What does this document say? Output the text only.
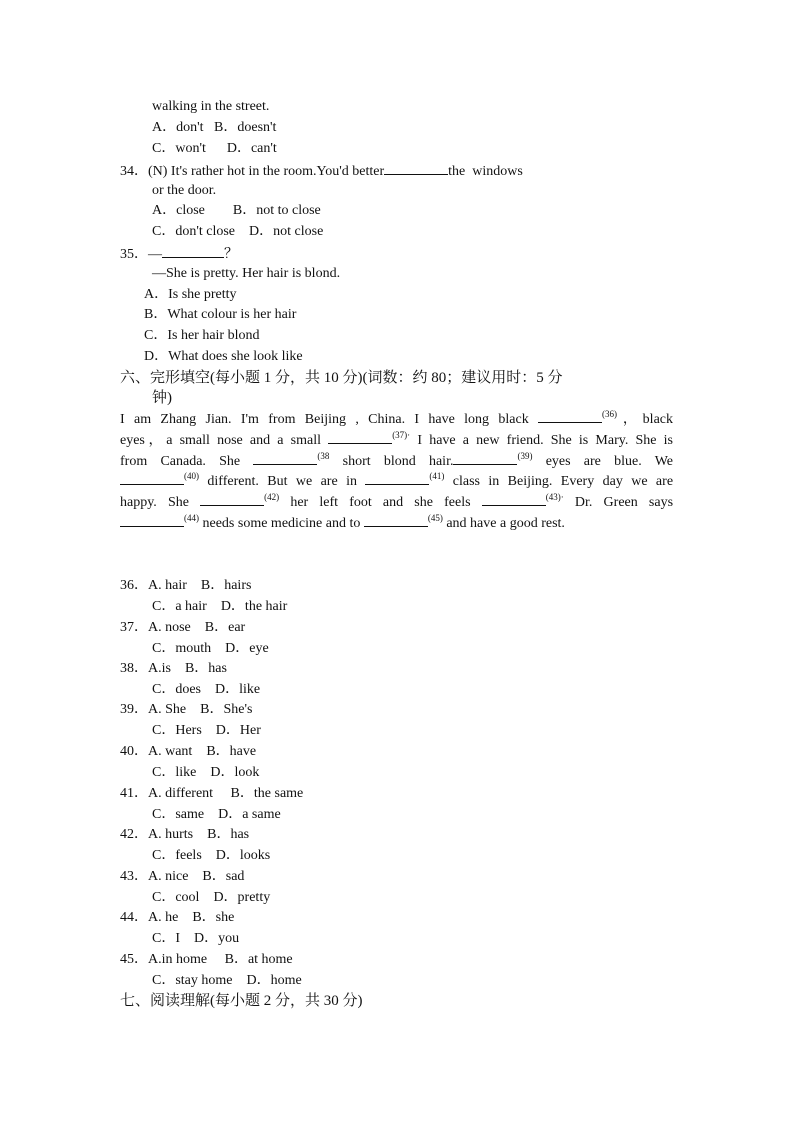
walking in the street.
A．don't   B．doesn't
C．won't      D．can't
34．(N) It's rather hot in the room.You'd better	the  windows
or the door.
A．close        B．not to close
C．don't close    D．not close
35．—	？
—She is pretty. Her hair is blond.
A．Is she pretty
B．What colour is her hair
C．Is her hair blond
D．What does she look like
六、完形填空(每小题 1 分，共 10 分)(词数：约 80；建议用时：5 分
钟)
I am Zhang Jian. I'm from Beijing , China. I have long black	$^{(36)}$，black
eyes，a small nose and a small	$^{(37)\cdot}$ I have a new friend. She is Mary. She is
from Canada. She	$^{(38}$ short blond hair.	$^{(39)}$ eyes are blue. We
$^{(40)}$ different. But we are in	$^{(41)}$ class in Beijing. Every day we are
happy. She	$^{(42)}$ her left foot and she feels	$^{(43)\cdot}$ Dr. Green says
$^{(44)}$ needs some medicine and to	$^{(45)}$ and have a good rest.
36．A. hair    B．hairs
C．a hair    D．the hair
37．A. nose    B．ear
C．mouth    D．eye
38．A.is    B．has
C．does    D．like
39．A. She    B．She's
C．Hers    D．Her
40．A. want    B．have
C．like    D．look
41．A. different     B．the same
C．same    D．a same
42．A. hurts    B．has
C．feels    D．looks
43．A. nice    B．sad
C．cool    D．pretty
44．A. he    B．she
C．I    D．you
45．A.in home     B．at home
C．stay home    D．home
七、阅读理解(每小题 2 分，共 30 分)
